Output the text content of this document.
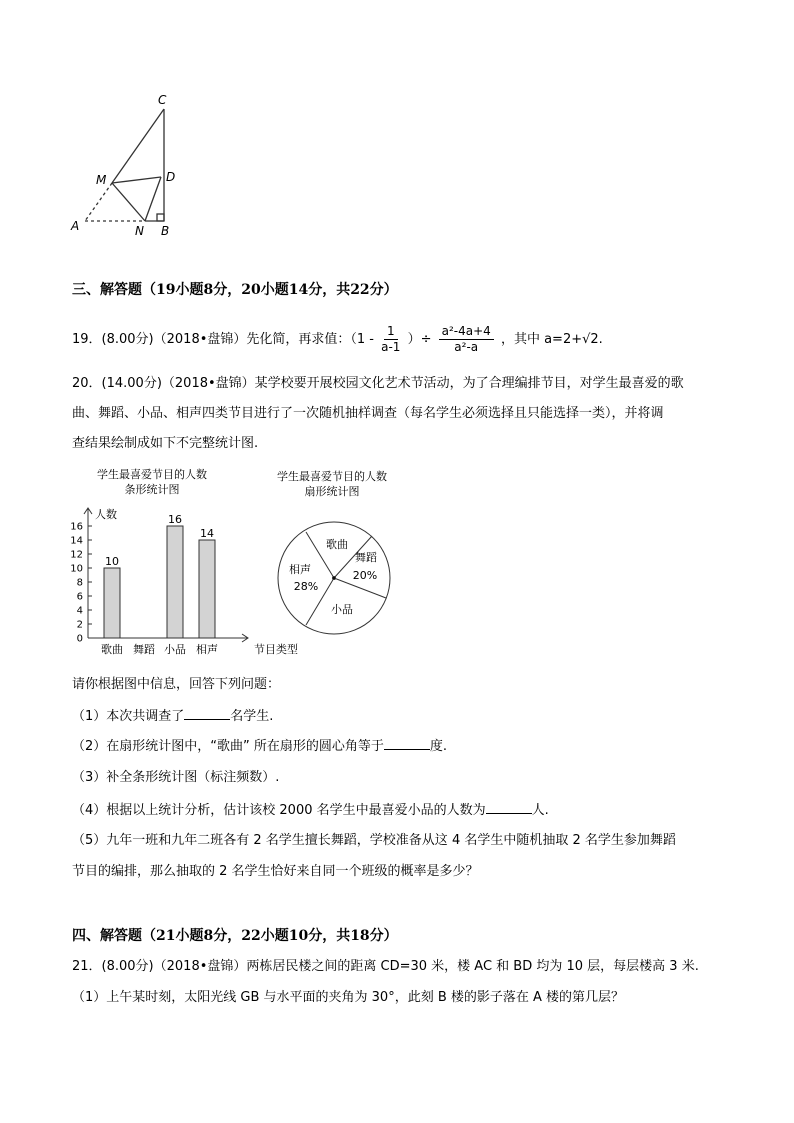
C
M	D
A	N B
三、解答题（19小题8分，20小题14分，共22分）
19．(8.00分)（2018•盘锦）先化简，再求值：（$1 - \frac{1}{a-1}$ ）÷ $\frac{\text{a²-4a+4}}{\text{a²-a}}$ ，其中 a=2+√2.
20．(14.00分)（2018•盘锦）某学校要开展校园文化艺术节活动，为了合理编排节目，对学生最喜爱的歌
曲、舞蹈、小品、相声四类节目进行了一次随机抽样调查（每名学生必须选择且只能选择一类），并将调
查结果绘制成如下不完整统计图.
学生最喜爱节目的人数
条形统计图
学生最喜爱节目的人数
扇形统计图
人数
节目类型
0
2
4
6
8
10
12
14
16
10
歌曲 舞蹈
16
小品
14
相声
歌曲
舞蹈
20%
小品
相声
28%
请你根据图中信息，回答下列问题：
（1）本次共调查了	名学生.
（2）在扇形统计图中，“歌曲” 所在扇形的圆心角等于	度.
（3）补全条形统计图（标注频数）.
（4）根据以上统计分析，估计该校 2000 名学生中最喜爱小品的人数为	人.
（5）九年一班和九年二班各有 2 名学生擅长舞蹈，学校准备从这 4 名学生中随机抽取 2 名学生参加舞蹈
节目的编排，那么抽取的 2 名学生恰好来自同一个班级的概率是多少？
四、解答题（21小题8分，22小题10分，共18分）
21．(8.00分)（2018•盘锦）两栋居民楼之间的距离 CD=30 米，楼 AC 和 BD 均为 10 层，每层楼高 3 米.
（1）上午某时刻，太阳光线 GB 与水平面的夹角为 30°，此刻 B 楼的影子落在 A 楼的第几层？
